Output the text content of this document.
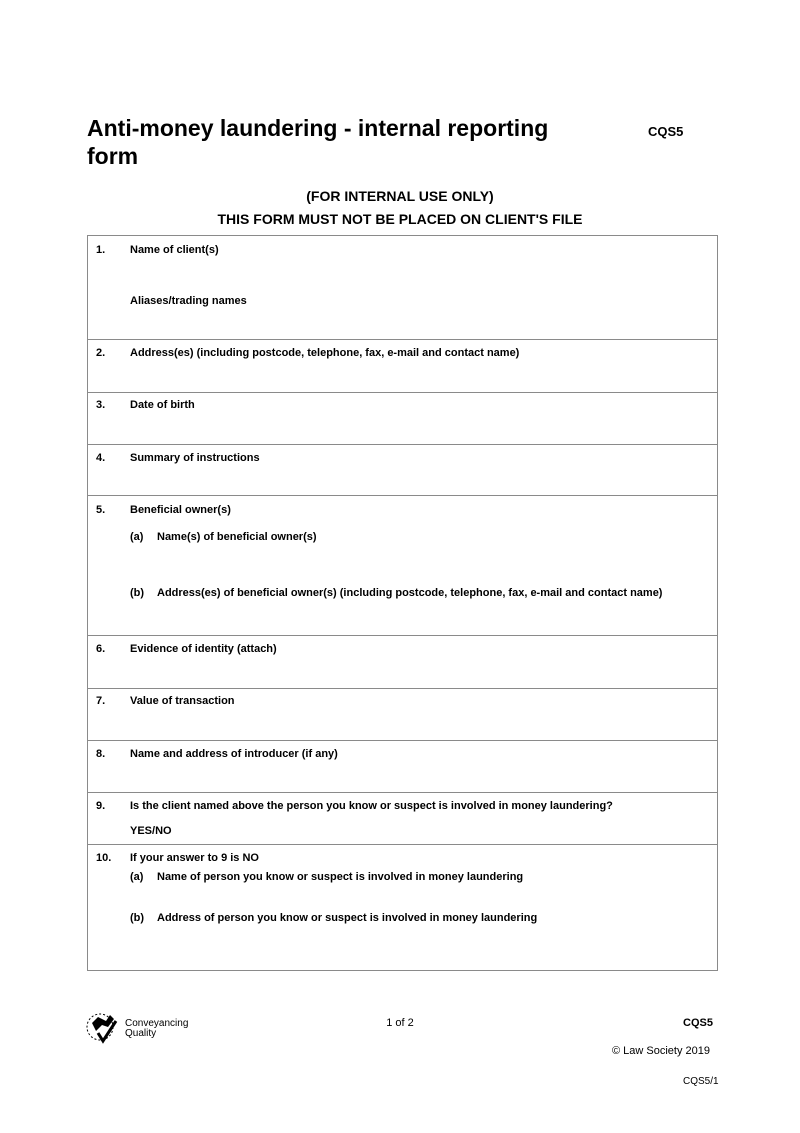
Anti-money laundering - internal reporting
form
CQS5
(FOR INTERNAL USE ONLY)
THIS FORM MUST NOT BE PLACED ON CLIENT'S FILE
1. Name of client(s)
Aliases/trading names
2. Address(es) (including postcode, telephone, fax, e-mail and contact name)
3. Date of birth
4. Summary of instructions
5. Beneficial owner(s)
(a) Name(s) of beneficial owner(s)
(b) Address(es) of beneficial owner(s) (including postcode, telephone, fax, e-mail and contact name)
6. Evidence of identity (attach)
7. Value of transaction
8. Name and address of introducer (if any)
9. Is the client named above the person you know or suspect is involved in money laundering?
YES/NO
10. If your answer to 9 is NO
(a) Name of person you know or suspect is involved in money laundering
(b) Address of person you know or suspect is involved in money laundering
Conveyancing
Quality
1 of 2	CQS5
© Law Society 2019
CQS5/1
